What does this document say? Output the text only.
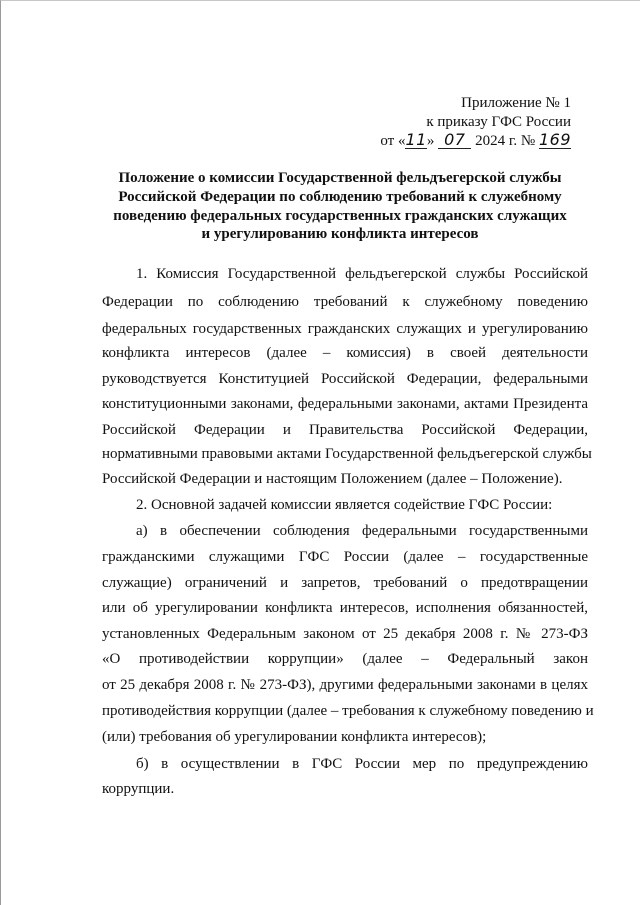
Приложение № 1
к приказу ГФС России
от «11» 07 2024 г. № 169
Положение о комиссии Государственной фельдъегерской службы
Российской Федерации по соблюдению требований к служебному
поведению федеральных государственных гражданских служащих
и урегулированию конфликта интересов
1. Комиссия Государственной фельдъегерской службы Российской
Федерации по соблюдению требований к служебному поведению
федеральных государственных гражданских служащих и урегулированию
конфликта интересов (далее – комиссия) в своей деятельности
руководствуется Конституцией Российской Федерации, федеральными
конституционными законами, федеральными законами, актами Президента
Российской Федерации и Правительства Российской Федерации,
нормативными правовыми актами Государственной фельдъегерской службы
Российской Федерации и настоящим Положением (далее – Положение).
2. Основной задачей комиссии является содействие ГФС России:
а) в обеспечении соблюдения федеральными государственными
гражданскими служащими ГФС России (далее – государственные
служащие) ограничений и запретов, требований о предотвращении
или об урегулировании конфликта интересов, исполнения обязанностей,
установленных Федеральным законом от 25 декабря 2008 г. № 273-ФЗ
«О противодействии коррупции» (далее – Федеральный закон
от 25 декабря 2008 г. № 273-ФЗ), другими федеральными законами в целях
противодействия коррупции (далее – требования к служебному поведению и
(или) требования об урегулировании конфликта интересов);
б) в осуществлении в ГФС России мер по предупреждению
коррупции.
